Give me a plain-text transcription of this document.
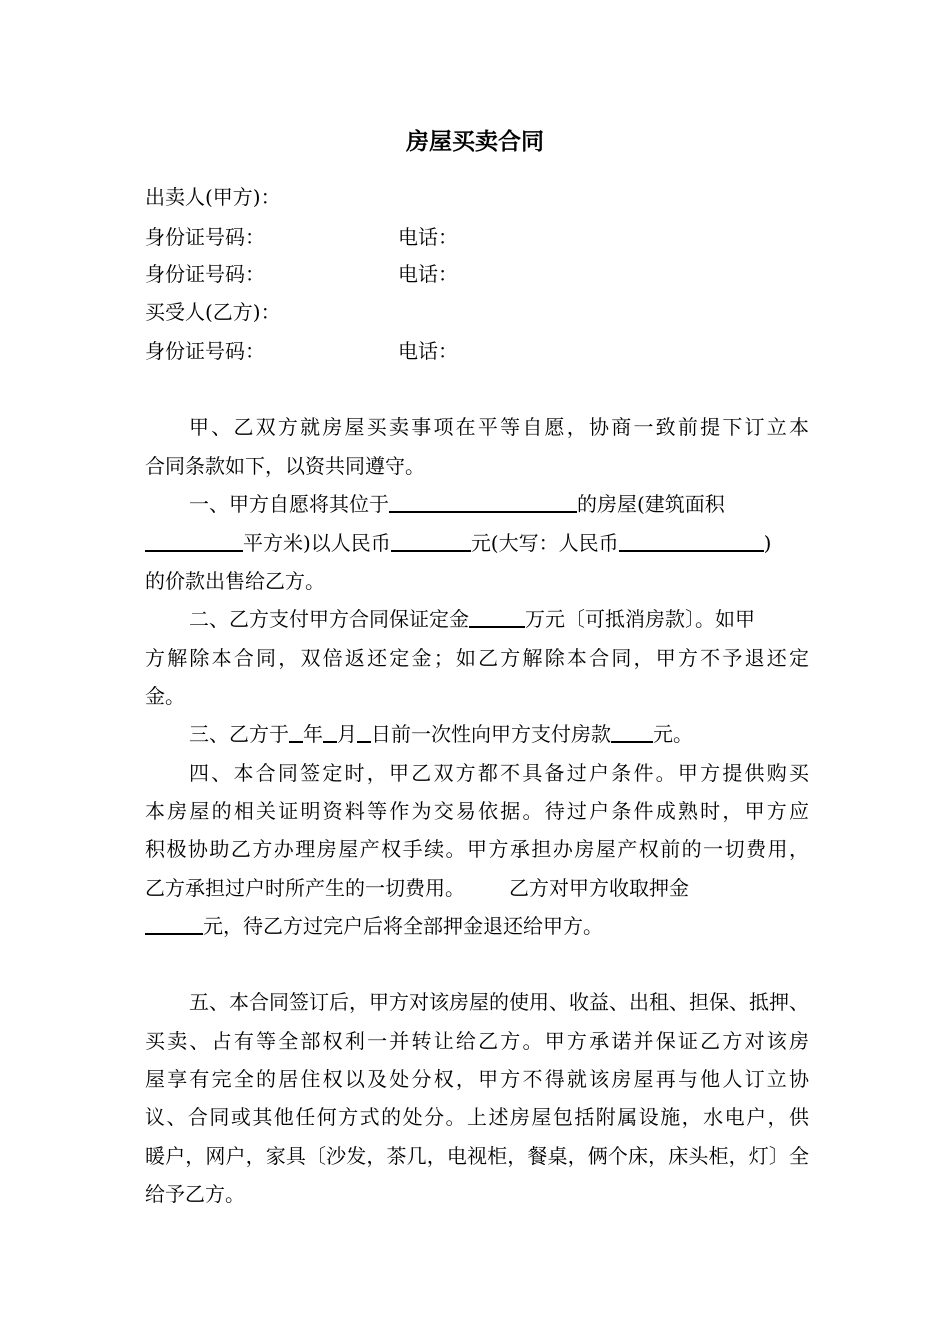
房屋买卖合同
出卖人(甲方)：
身份证号码：	电话：
身份证号码：	电话：
买受人(乙方)：
身份证号码：	电话：
甲、乙双方就房屋买卖事项在平等自愿，协商一致前提下订立本
合同条款如下，以资共同遵守。
一、甲方自愿将其位于	的房屋(建筑面积
平方米)以人民币	元(大写：人民币	)
的价款出售给乙方。
二、乙方支付甲方合同保证定金	万元〔可抵消房款〕。如甲
方解除本合同，双倍返还定金；如乙方解除本合同，甲方不予退还定
金。
三、乙方于 年 月 日前一次性向甲方支付房款 元。
四、本合同签定时，甲乙双方都不具备过户条件。甲方提供购买
本房屋的相关证明资料等作为交易依据。待过户条件成熟时，甲方应
积极协助乙方办理房屋产权手续。甲方承担办房屋产权前的一切费用，
乙方承担过户时所产生的一切费用。 乙方对甲方收取押金
元，待乙方过完户后将全部押金退还给甲方。
五、本合同签订后，甲方对该房屋的使用、收益、出租、担保、抵押、
买卖、占有等全部权利一并转让给乙方。甲方承诺并保证乙方对该房
屋享有完全的居住权以及处分权，甲方不得就该房屋再与他人订立协
议、合同或其他任何方式的处分。上述房屋包括附属设施，水电户，供
暖户，网户，家具〔沙发，茶几，电视柜，餐桌，俩个床，床头柜，灯〕全
给予乙方。
